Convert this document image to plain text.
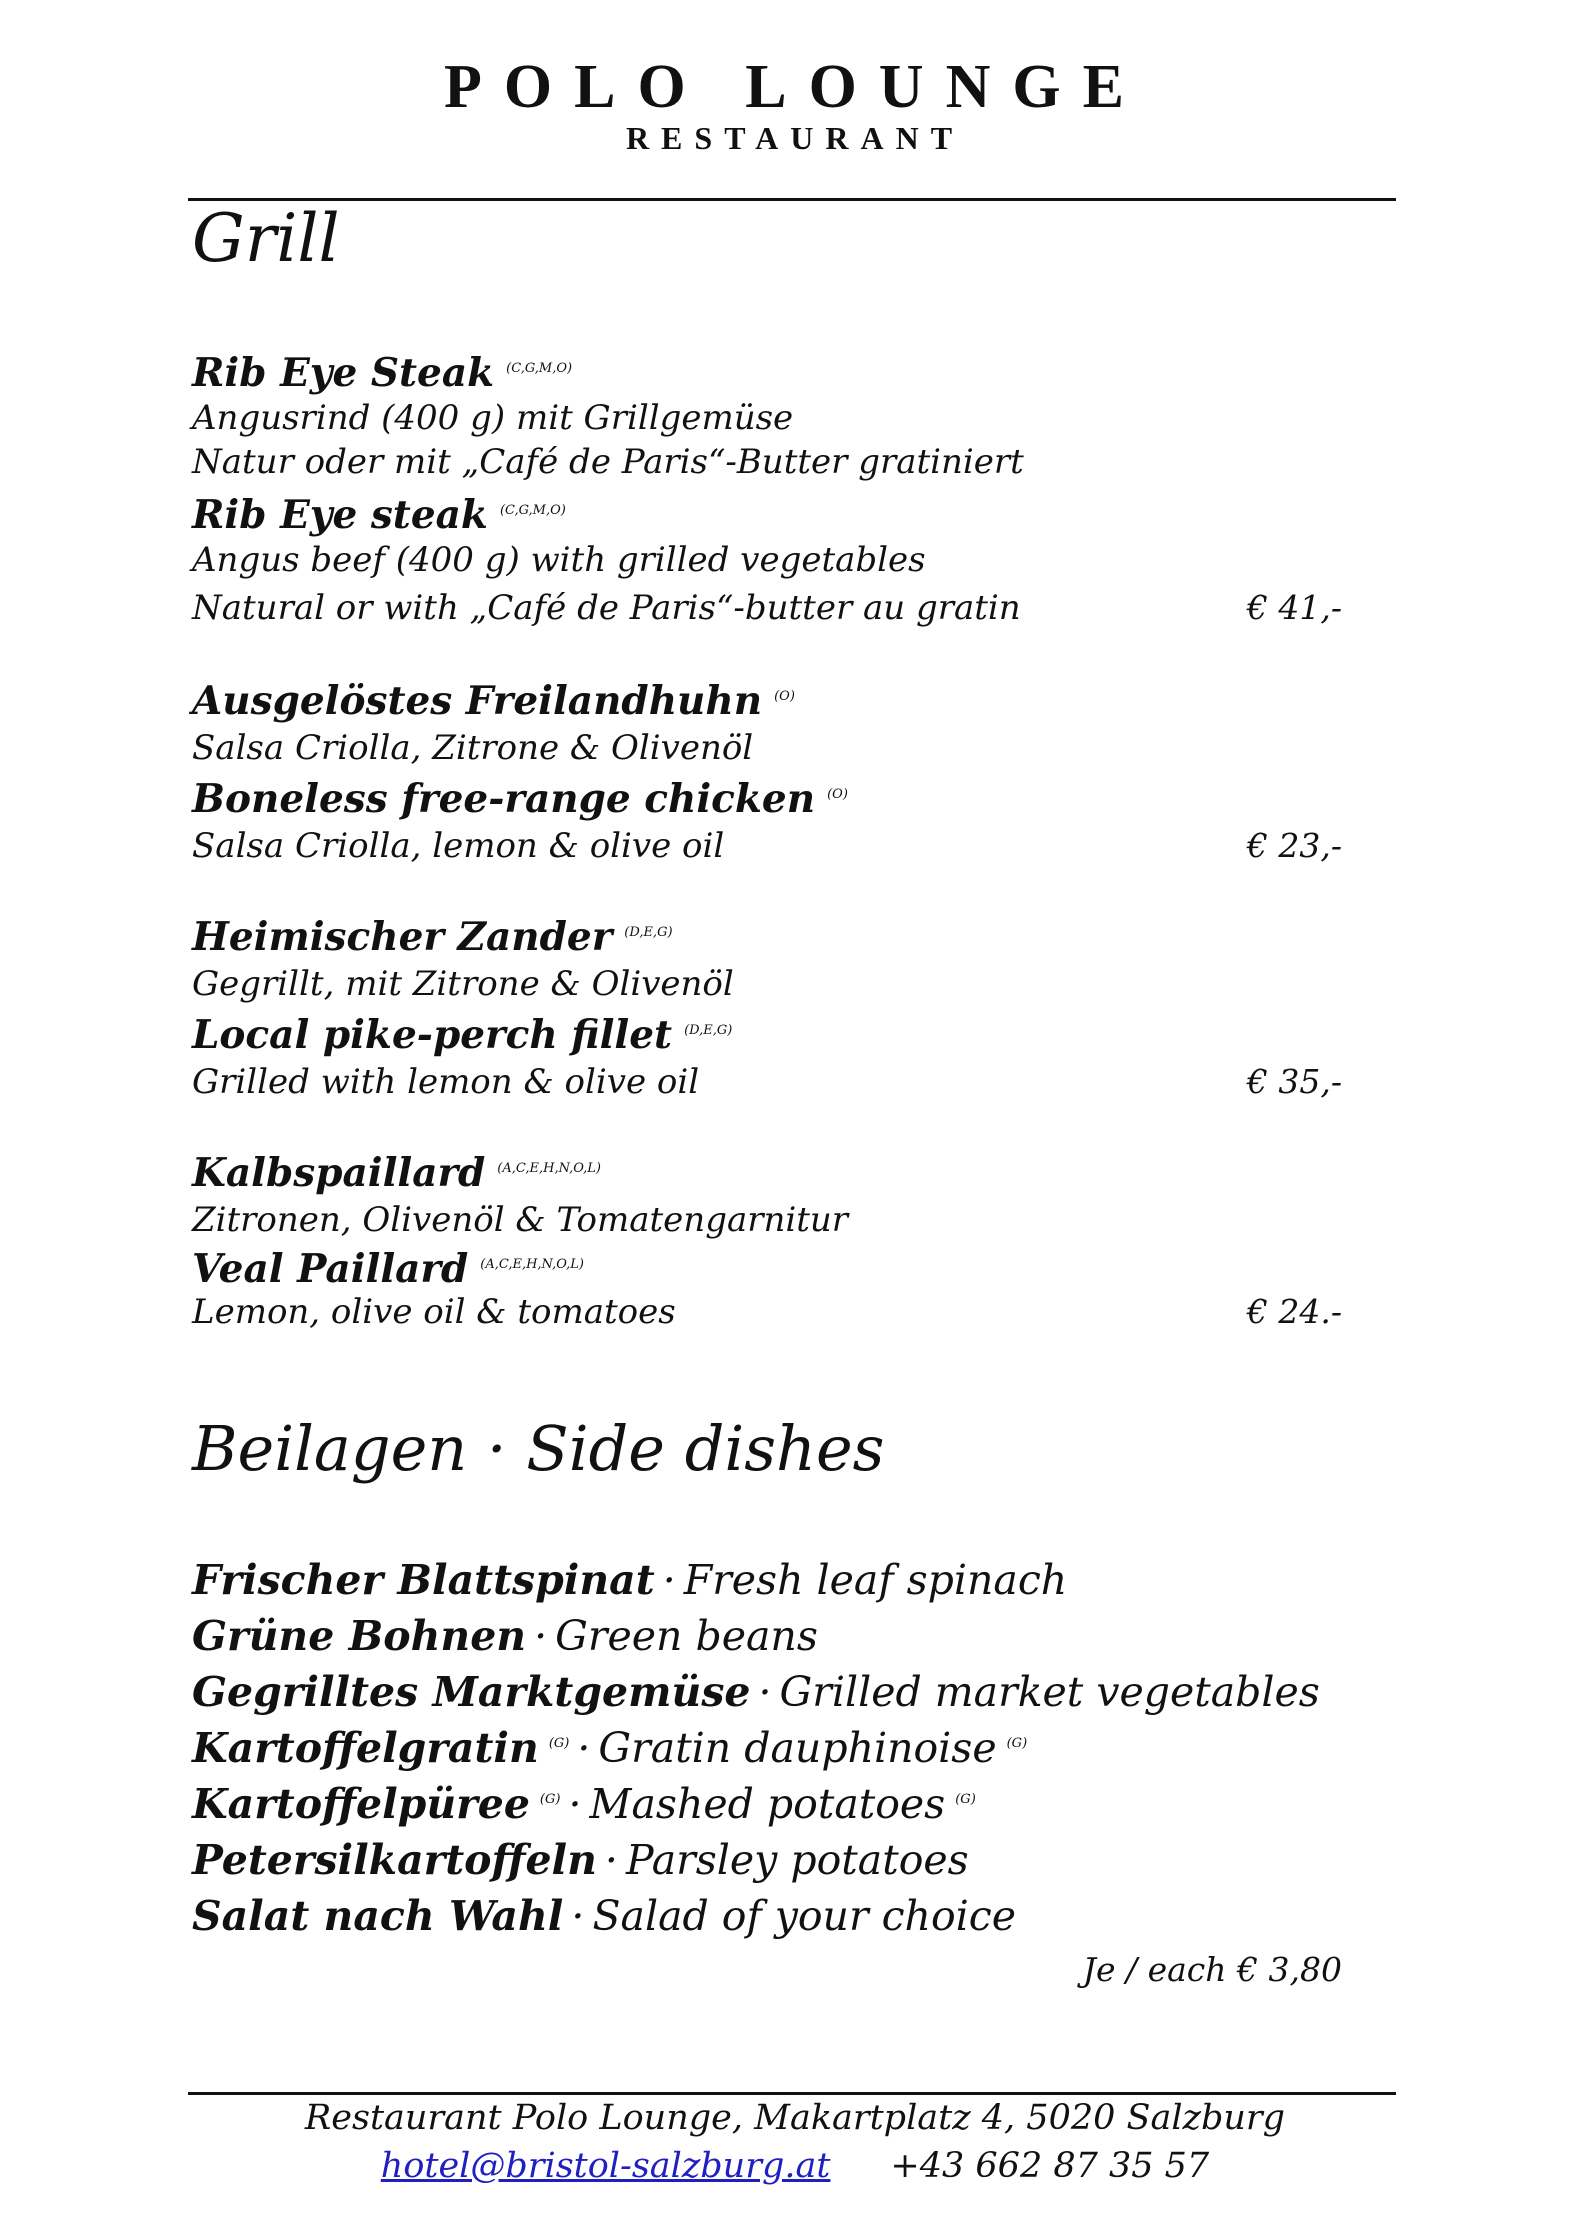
POLO LOUNGE
RESTAURANT
Grill
Rib Eye Steak $^{(C,G,M,O)}$
Angusrind (400 g) mit Grillgemüse
Natur oder mit „Café de Paris“-Butter gratiniert
Rib Eye steak $^{(C,G,M,O)}$
Angus beef (400 g) with grilled vegetables
Natural or with „Café de Paris“-butter au gratin	€ 41,-
Ausgelöstes Freilandhuhn $^{(O)}$
Salsa Criolla, Zitrone & Olivenöl
Boneless free-range chicken $^{(O)}$
Salsa Criolla, lemon & olive oil	€ 23,-
Heimischer Zander $^{(D,E,G)}$
Gegrillt, mit Zitrone & Olivenöl
Local pike-perch fillet $^{(D,E,G)}$
Grilled with lemon & olive oil	€ 35,-
Kalbspaillard $^{(A,C,E,H,N,O,L)}$
Zitronen, Olivenöl & Tomatengarnitur
Veal Paillard $^{(A,C,E,H,N,O,L)}$
Lemon, olive oil & tomatoes	€ 24.-
Beilagen · Side dishes
Frischer Blattspinat · Fresh leaf spinach
Grüne Bohnen · Green beans
Gegrilltes Marktgemüse · Grilled market vegetables
Kartoffelgratin $^{(G)}$ · Gratin dauphinoise $^{(G)}$
Kartoffelpüree $^{(G)}$ · Mashed potatoes $^{(G)}$
Petersilkartoffeln · Parsley potatoes
Salat nach Wahl · Salad of your choice
Je / each € 3,80
Restaurant Polo Lounge, Makartplatz 4, 5020 Salzburg
hotel@bristol-salzburg.at +43 662 87 35 57
